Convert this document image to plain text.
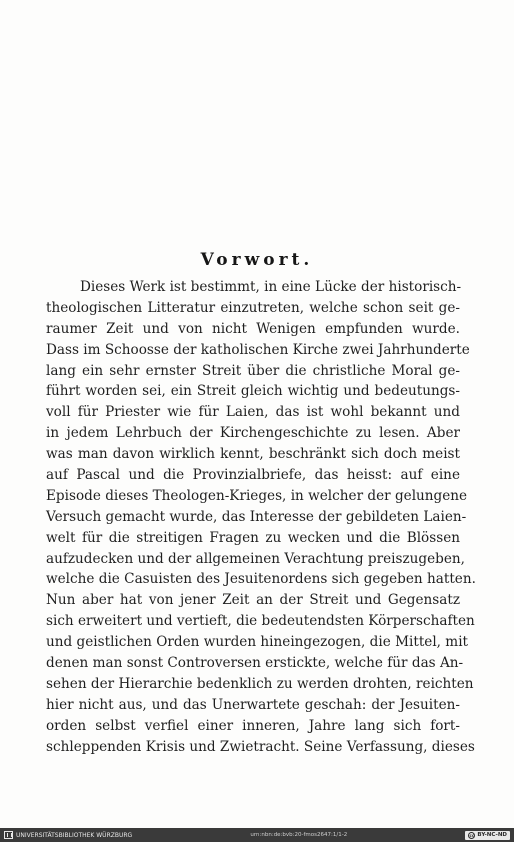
Vorwort.
Dieses Werk ist bestimmt, in eine Lücke der historisch-
theologischen Litteratur einzutreten, welche schon seit ge-
raumer Zeit und von nicht Wenigen empfunden wurde.
Dass im Schoosse der katholischen Kirche zwei Jahrhunderte
lang ein sehr ernster Streit über die christliche Moral ge-
führt worden sei, ein Streit gleich wichtig und bedeutungs-
voll für Priester wie für Laien, das ist wohl bekannt und
in jedem Lehrbuch der Kirchengeschichte zu lesen. Aber
was man davon wirklich kennt, beschränkt sich doch meist
auf Pascal und die Provinzialbriefe, das heisst: auf eine
Episode dieses Theologen-Krieges, in welcher der gelungene
Versuch gemacht wurde, das Interesse der gebildeten Laien-
welt für die streitigen Fragen zu wecken und die Blössen
aufzudecken und der allgemeinen Verachtung preiszugeben,
welche die Casuisten des Jesuitenordens sich gegeben hatten.
Nun aber hat von jener Zeit an der Streit und Gegensatz
sich erweitert und vertieft, die bedeutendsten Körperschaften
und geistlichen Orden wurden hineingezogen, die Mittel, mit
denen man sonst Controversen erstickte, welche für das An-
sehen der Hierarchie bedenklich zu werden drohten, reichten
hier nicht aus, und das Unerwartete geschah: der Jesuiten-
orden selbst verfiel einer inneren, Jahre lang sich fort-
schleppenden Krisis und Zwietracht. Seine Verfassung, dieses
UNIVERSITÄTSBIBLIOTHEK WÜRZBURG	urn:nbn:de:bvb:20-fmos2647:1/1-2	cc BY-NC-ND
